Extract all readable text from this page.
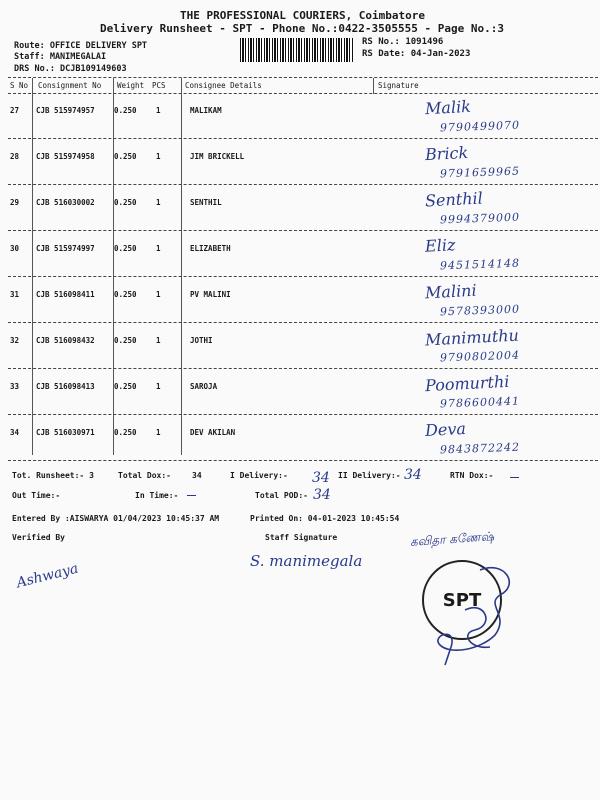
THE PROFESSIONAL COURIERS, Coimbatore
Delivery Runsheet - SPT - Phone No.:0422-3505555 - Page No.:3
Route: OFFICE DELIVERY SPT
Staff: MANIMEGALAI
DRS No.: DCJB109149603
RS No.: 1091496
RS Date: 04-Jan-2023
S No Consignment No Weight PCS	Consignee Details	Signature
27 CJB 515974957	0.250	1	MALIKAM	Malik
9790499070
28 CJB 515974958	0.250	1	JIM BRICKELL	Brick
9791659965
29 CJB 516030002	0.250	1	SENTHIL	Senthil
9994379000
30 CJB 515974997	0.250	1	ELIZABETH	Eliz
9451514148
31 CJB 516098411	0.250	1	PV MALINI	Malini
9578393000
32 CJB 516098432	0.250	1	JOTHI	Manimuthu
9790802004
33 CJB 516098413	0.250	1	SAROJA	Poomurthi
9786600441
34 CJB 516030971	0.250	1	DEV AKILAN	Deva
9843872242
Tot. Runsheet:- 3	Total Dox:-	34	I Delivery:- 34 II Delivery:- 34	RTN Dox:-
Out Time:-	In Time:-	Total POD:- 34
Entered By :AISWARYA 01/04/2023 10:45:37 AM	Printed On: 04-01-2023 10:45:54
Verified By	Staff Signature
Ashwaya	S. manimegala
கவிதா கணேஷ்
SPT
